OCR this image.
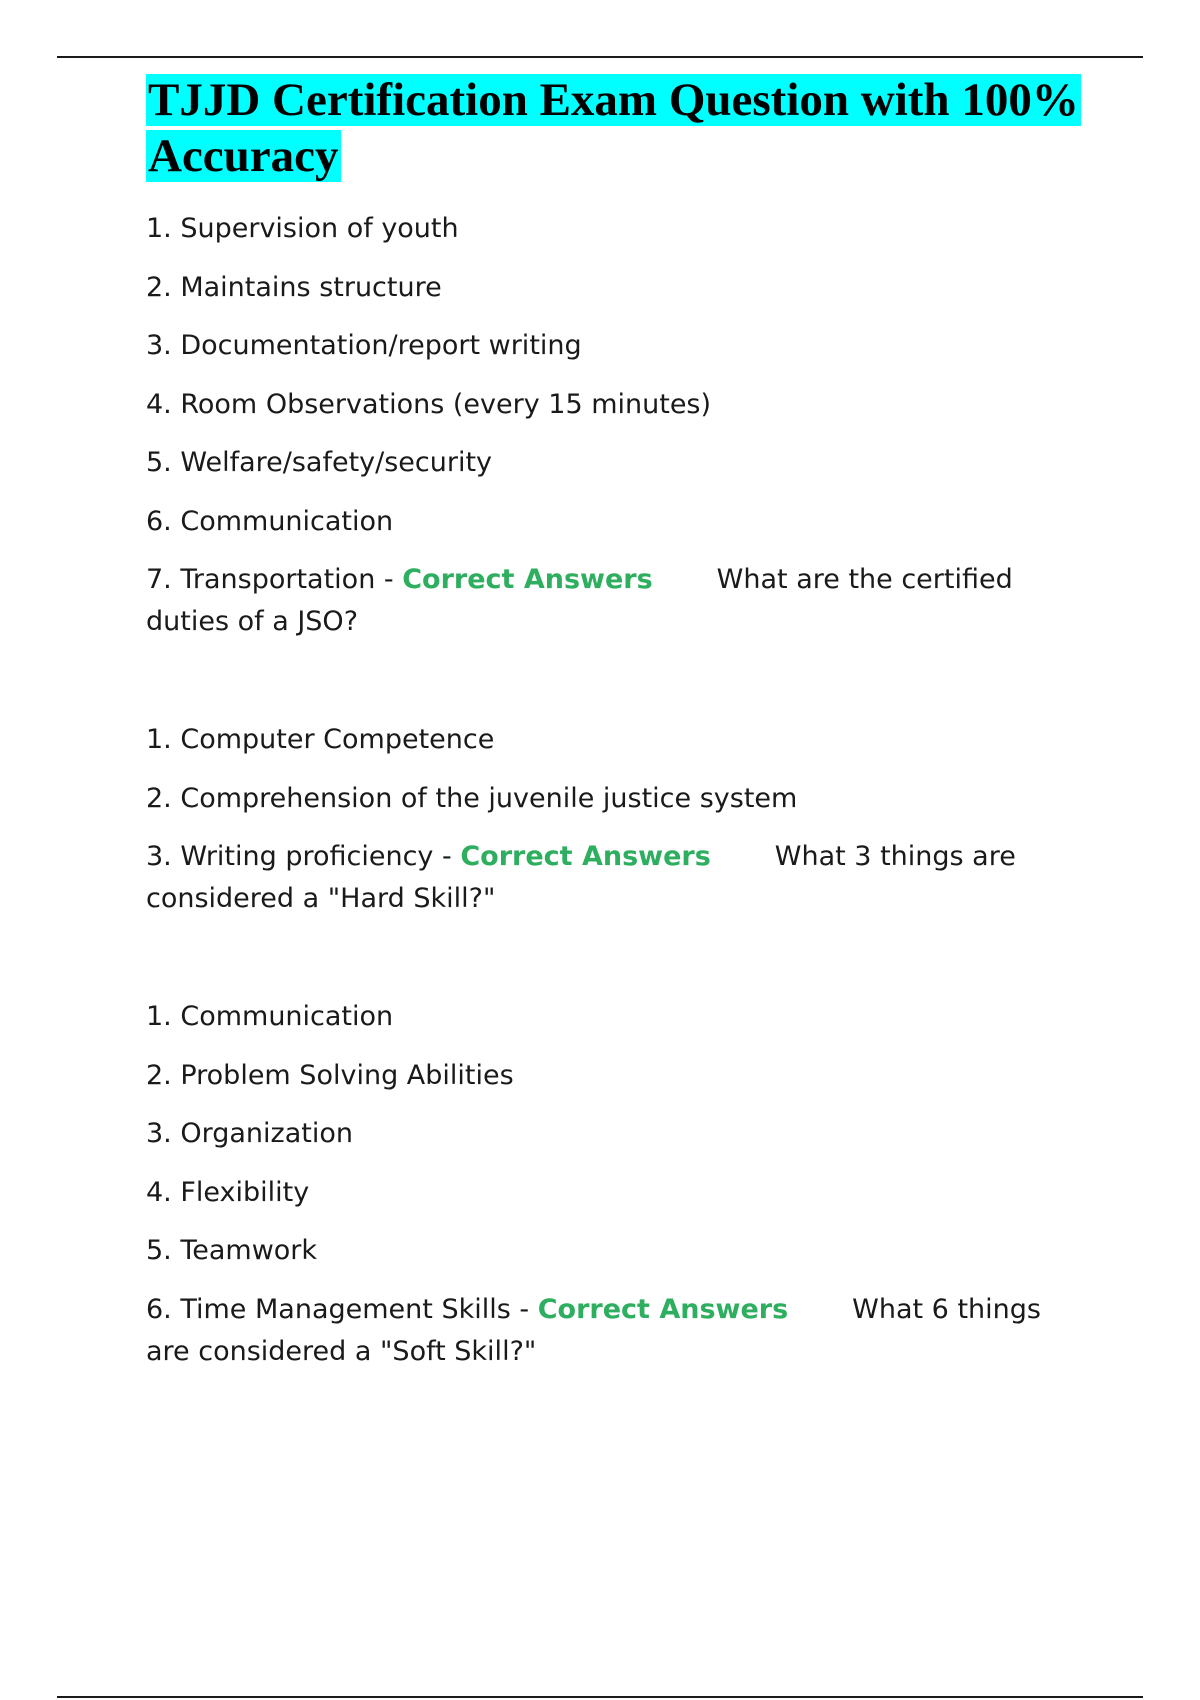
TJJD Certification Exam Question with 100% Accuracy
1. Supervision of youth
2. Maintains structure
3. Documentation/report writing
4. Room Observations (every 15 minutes)
5. Welfare/safety/security
6. Communication
7. Transportation - Correct Answers What are the certified duties of a JSO?
1. Computer Competence
2. Comprehension of the juvenile justice system
3. Writing proficiency - Correct Answers What 3 things are considered a "Hard Skill?"
1. Communication
2. Problem Solving Abilities
3. Organization
4. Flexibility
5. Teamwork
6. Time Management Skills - Correct Answers What 6 things are considered a "Soft Skill?"
